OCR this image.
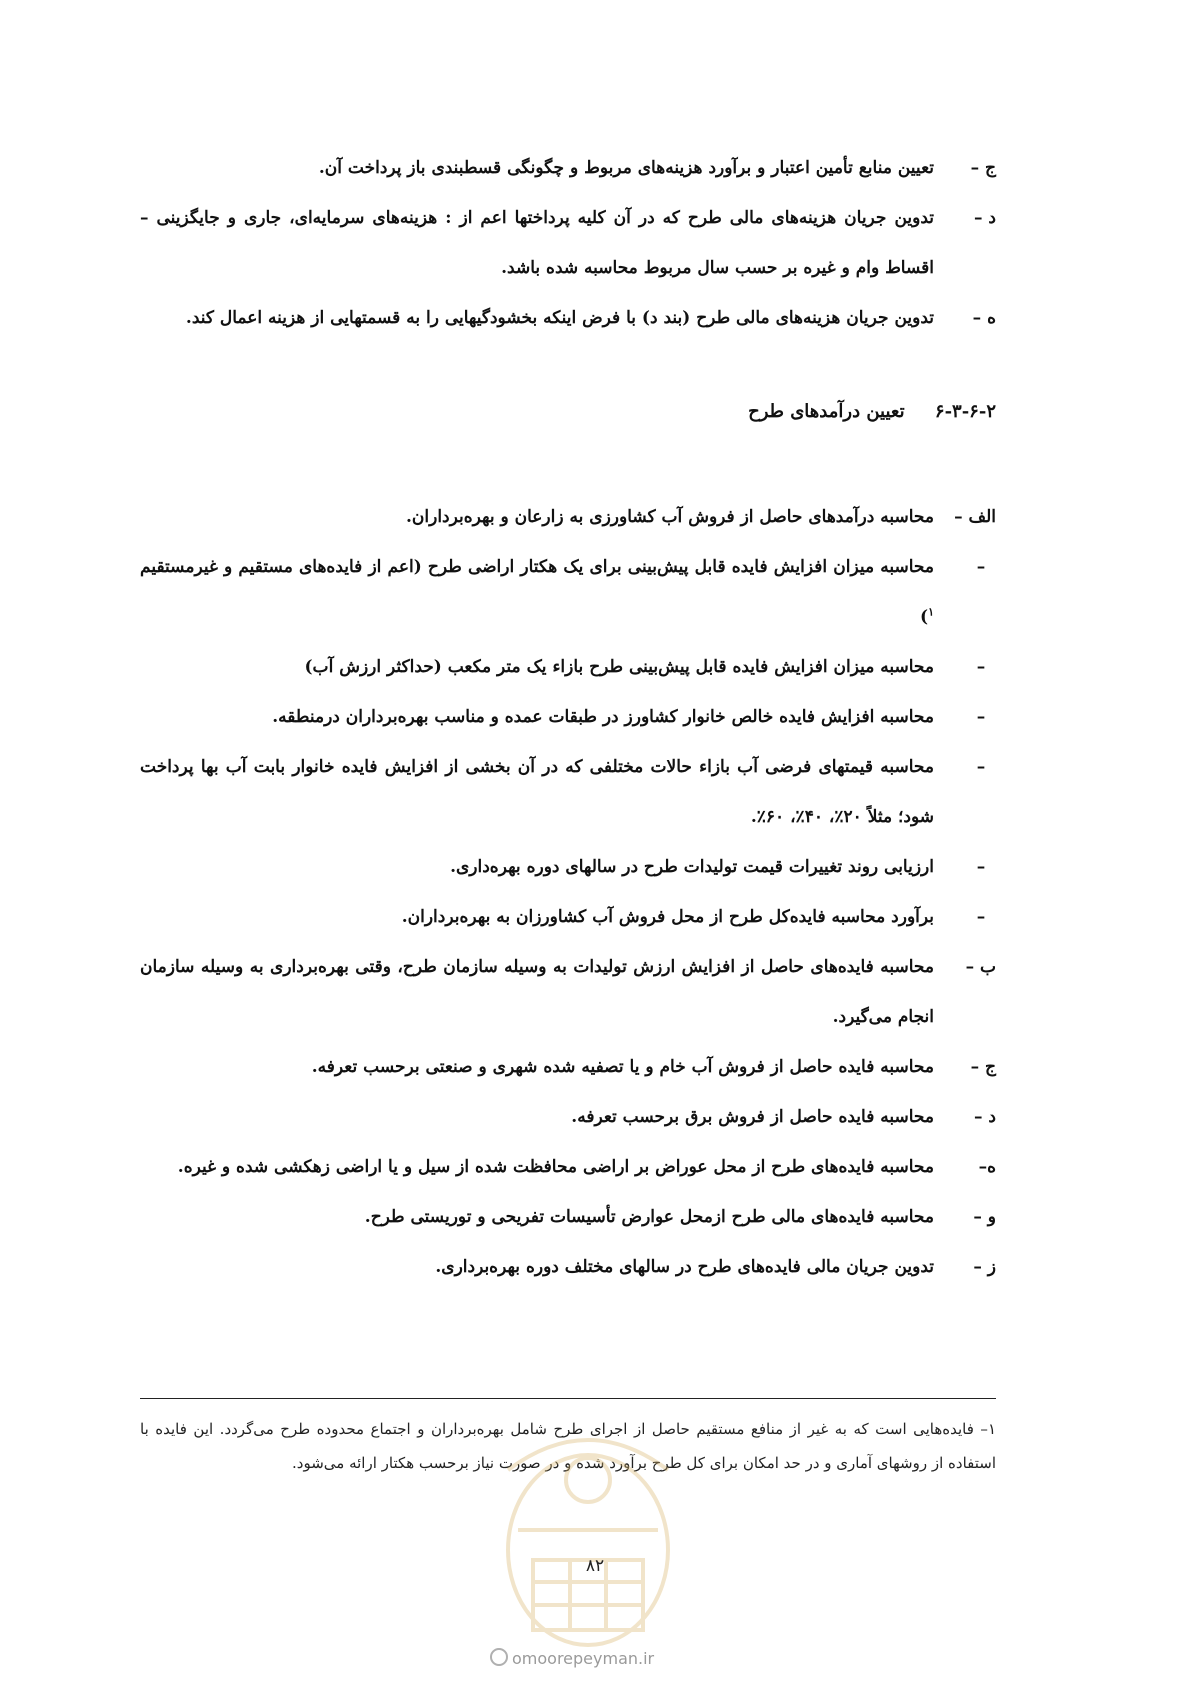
ج –
تعیین منابع تأمین اعتبار و برآورد هزینه‌های مربوط و چگونگی قسطبندی باز پرداخت آن.
د –
تدوین جریان هزینه‌های مالی طرح که در آن کلیه پرداختها اعم از : هزینه‌های سرمایه‌ای، جاری و جایگزینی – اقساط وام و غیره بر حسب سال مربوط محاسبه شده باشد.
ه –
تدوین جریان هزینه‌های مالی طرح (بند د) با فرض اینکه بخشودگیهایی را به قسمتهایی از هزینه اعمال کند.
۶-۳-۶-۲ تعیین درآمدهای طرح
الف –
محاسبه درآمدهای حاصل از فروش آب کشاورزی به زارعان و بهره‌برداران.
–
محاسبه میزان افزایش فایده قابل پیش‌بینی برای یک هکتار اراضی طرح (اعم از فایده‌های مستقیم و غیرمستقیم $^۱$)
–
محاسبه میزان افزایش فایده قابل پیش‌بینی طرح بازاء یک متر مکعب (حداکثر ارزش آب)
–
محاسبه افزایش فایده خالص خانوار کشاورز در طبقات عمده و مناسب بهره‌برداران درمنطقه.
–
محاسبه قیمتهای فرضی آب بازاء حالات مختلفی که در آن بخشی از افزایش فایده خانوار بابت آب بها پرداخت شود؛ مثلاً ۲۰٪، ۴۰٪، ۶۰٪.
–
ارزیابی روند تغییرات قیمت تولیدات طرح در سالهای دوره بهره‌داری.
–
برآورد محاسبه فایده‌کل طرح از محل فروش آب کشاورزان به بهره‌برداران.
ب –
محاسبه فایده‌های حاصل از افزایش ارزش تولیدات به وسیله سازمان طرح، وقتی بهره‌برداری به وسیله سازمان انجام می‌گیرد.
ج –
محاسبه فایده حاصل از فروش آب خام و یا تصفیه شده شهری و صنعتی برحسب تعرفه.
د –
محاسبه فایده حاصل از فروش برق برحسب تعرفه.
ه–
محاسبه فایده‌های طرح از محل عوراض بر اراضی محافظت شده از سیل و یا اراضی زهکشی شده و غیره.
و –
محاسبه فایده‌های مالی طرح ازمحل عوارض تأسیسات تفریحی و توریستی طرح.
ز –
تدوین جریان مالی فایده‌های طرح در سالهای مختلف دوره بهره‌برداری.
۱– فایده‌هایی است که به غیر از منافع مستقیم حاصل از اجرای طرح شامل بهره‌برداران و اجتماع محدوده طرح می‌گردد. این فایده با استفاده از روشهای آماری و در حد امکان برای کل طرح برآورد شده و در صورت نیاز برحسب هکتار ارائه می‌شود.
۸۲
omoorepeyman.ir
